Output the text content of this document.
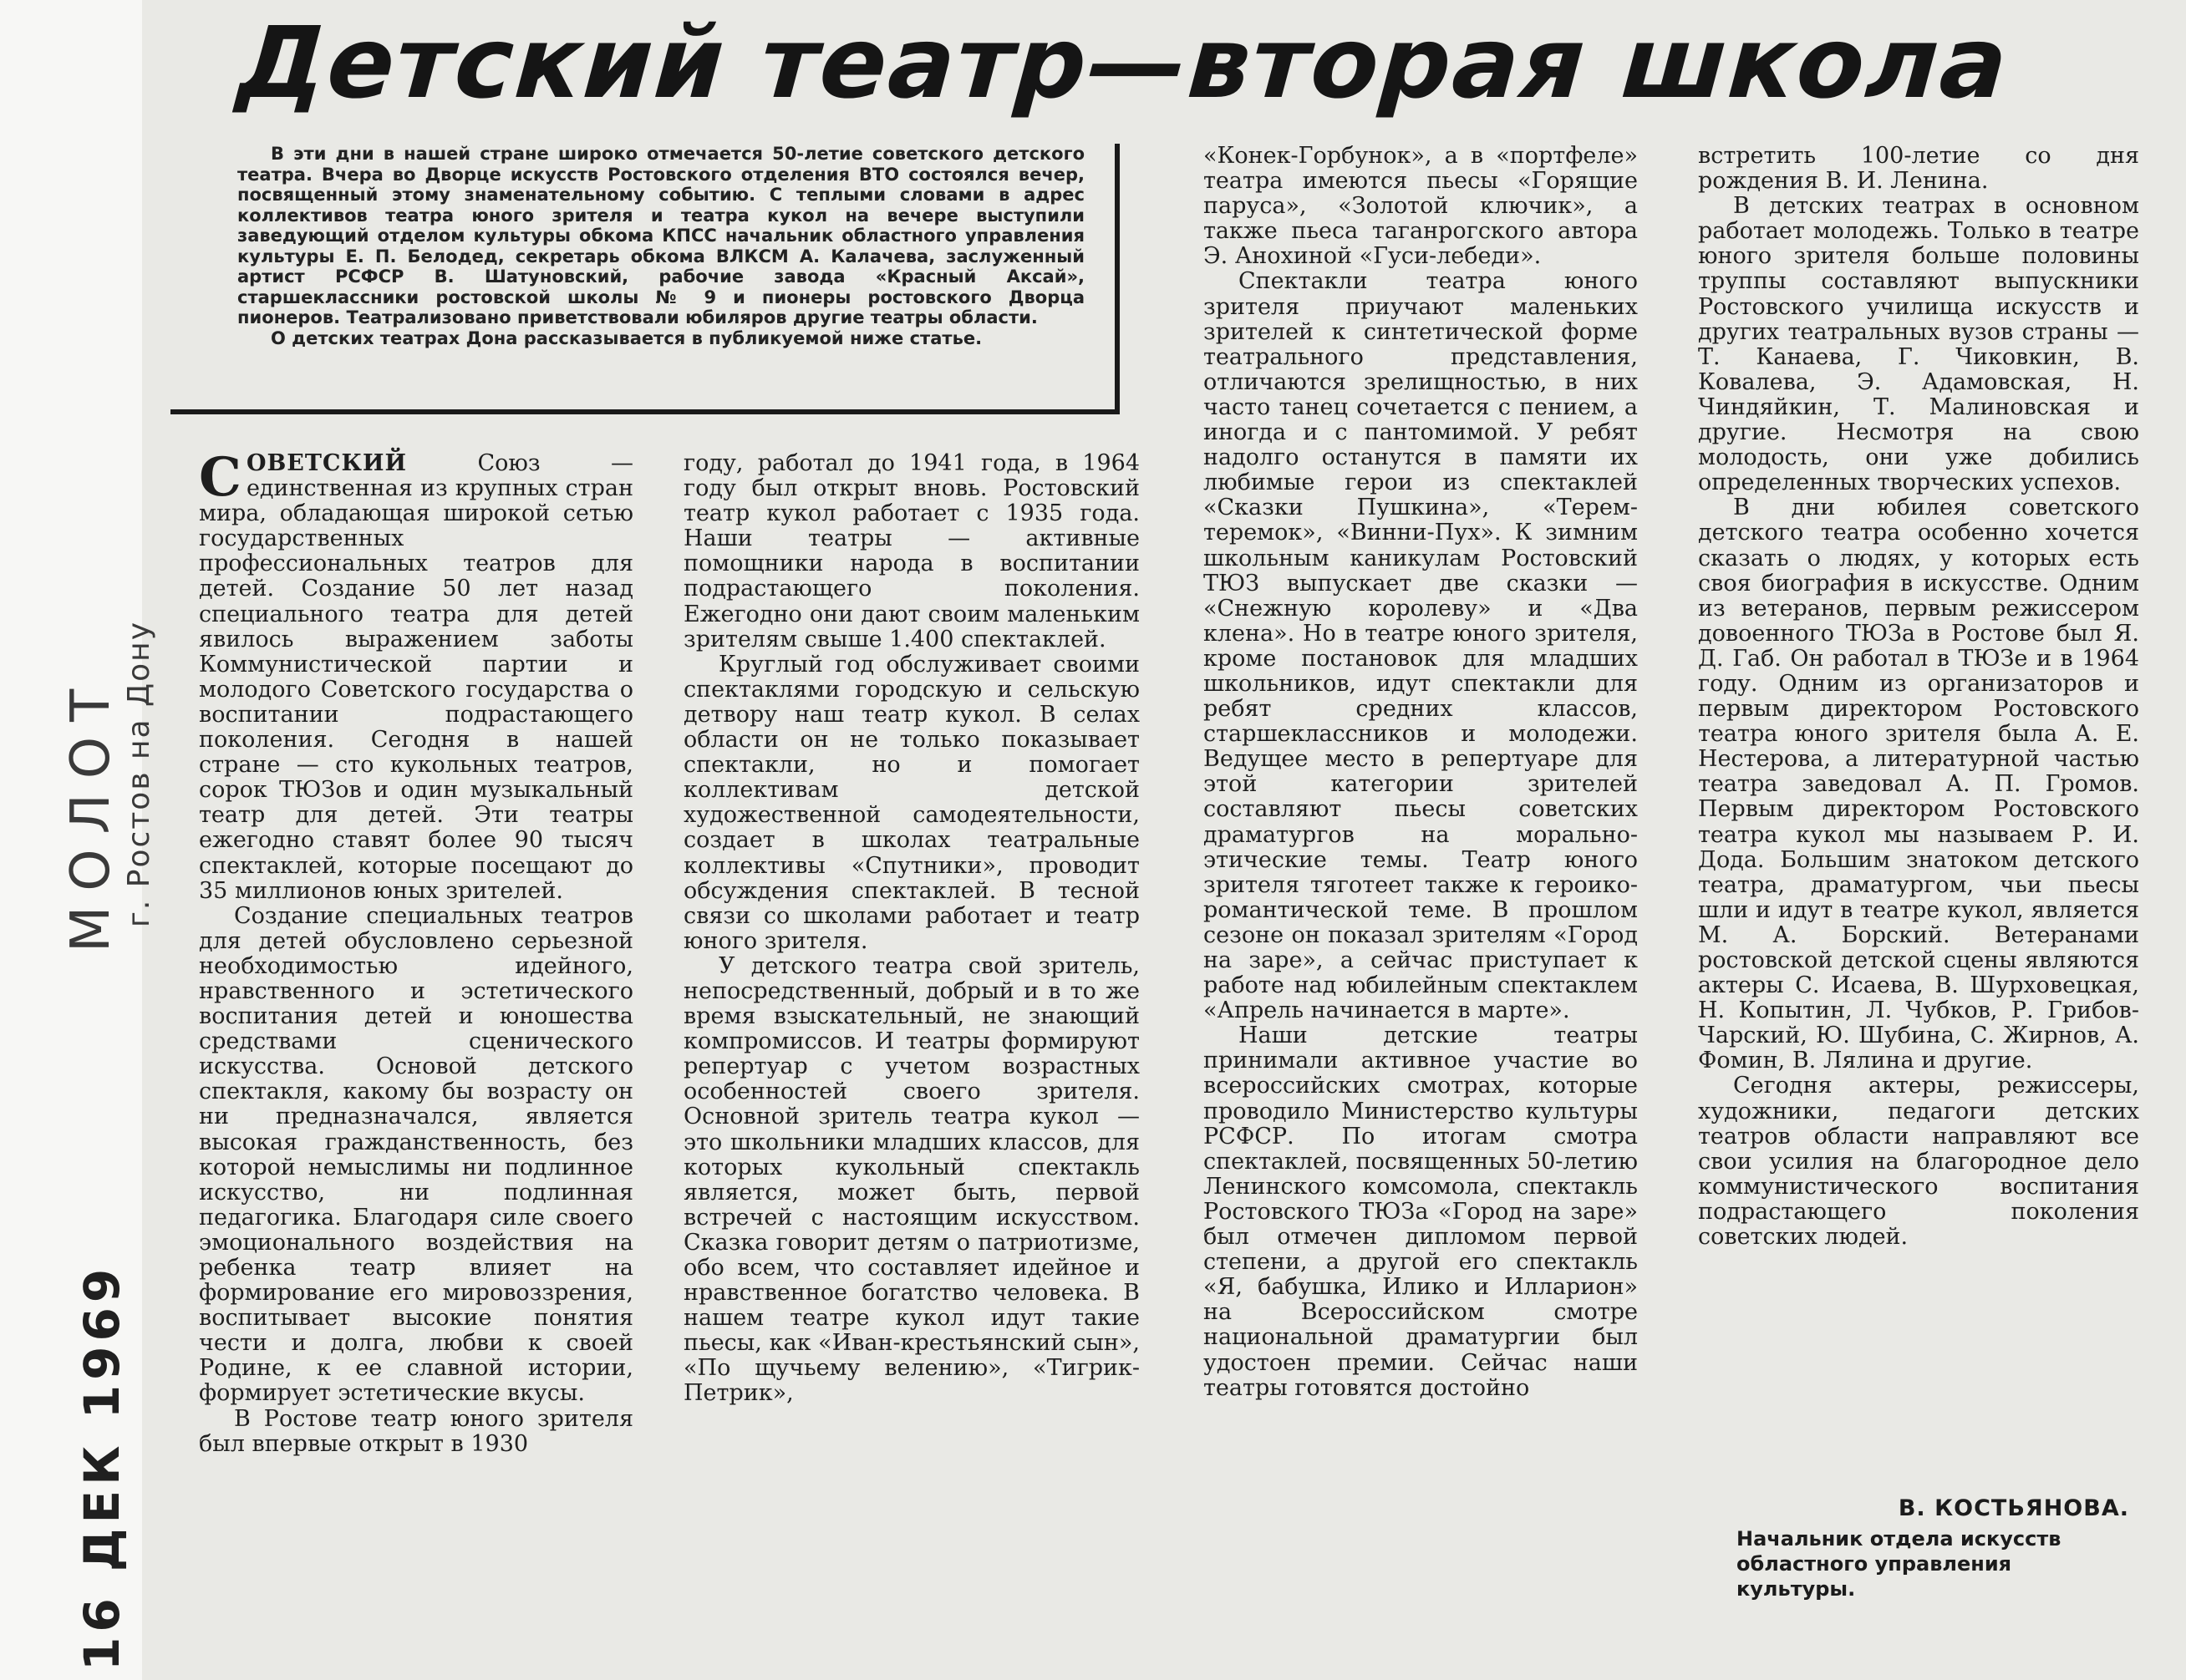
МОЛОТ г. Ростов на Дону
16 ДЕК 1969
Детский театр—вторая школа

В эти дни в нашей стране широко отмечается 50-летие советского детского театра. Вчера во Дворце искусств Ростовского отделения ВТО состоялся вечер, посвященный этому знаменательному событию. С теплыми словами в адрес коллективов театра юного зрителя и театра кукол на вечере выступили заведующий отделом культуры обкома КПСС начальник областного управления культуры Е. П. Белодед, секретарь обкома ВЛКСМ А. Калачева, заслуженный артист РСФСР В. Шатуновский, рабочие завода «Красный Аксай», старшеклассники ростовской школы № 9 и пионеры ростовского Дворца пионеров. Театрализовано приветствовали юбиляров другие театры области.

О детских театрах Дона рассказывается в публикуемой ниже статье.

СОВЕТСКИЙ Союз — единственная из крупных стран мира, обладающая широкой сетью государственных профессиональных театров для детей. Создание 50 лет назад специального театра для детей явилось выражением заботы Коммунистической партии и молодого Советского государства о воспитании подрастающего поколения. Сегодня в нашей стране — сто кукольных театров, сорок ТЮЗов и один музыкальный театр для детей. Эти театры ежегодно ставят более 90 тысяч спектаклей, которые посещают до 35 миллионов юных зрителей.

Создание специальных театров для детей обусловлено серьезной необходимостью идейного, нравственного и эстетического воспитания детей и юношества средствами сценического искусства. Основой детского спектакля, какому бы возрасту он ни предназначался, является высокая гражданственность, без которой немыслимы ни подлинное искусство, ни подлинная педагогика. Благодаря силе своего эмоционального воздействия на ребенка театр влияет на формирование его мировоззрения, воспитывает высокие понятия чести и долга, любви к своей Родине, к ее славной истории, формирует эстетические вкусы.

В Ростове театр юного зрителя был впервые открыт в 1930

году, работал до 1941 года, в 1964 году был открыт вновь. Ростовский театр кукол работает с 1935 года. Наши театры — активные помощники народа в воспитании подрастающего поколения. Ежегодно они дают своим маленьким зрителям свыше 1.400 спектаклей.

Круглый год обслуживает своими спектаклями городскую и сельскую детвору наш театр кукол. В селах области он не только показывает спектакли, но и помогает коллективам детской художественной самодеятельности, создает в школах театральные коллективы «Спутники», проводит обсуждения спектаклей. В тесной связи со школами работает и театр юного зрителя.

У детского театра свой зритель, непосредственный, добрый и в то же время взыскательный, не знающий компромиссов. И театры формируют репертуар с учетом возрастных особенностей своего зрителя. Основной зритель театра кукол — это школьники младших классов, для которых кукольный спектакль является, может быть, первой встречей с настоящим искусством. Сказка говорит детям о патриотизме, обо всем, что составляет идейное и нравственное богатство человека. В нашем театре кукол идут такие пьесы, как «Иван-крестьянский сын», «По щучьему велению», «Тигрик-Петрик»,

«Конек-Горбунок», а в «портфеле» театра имеются пьесы «Горящие паруса», «Золотой ключик», а также пьеса таганрогского автора Э. Анохиной «Гуси-лебеди».

Спектакли театра юного зрителя приучают маленьких зрителей к синтетической форме театрального представления, отличаются зрелищностью, в них часто танец сочетается с пением, а иногда и с пантомимой. У ребят надолго останутся в памяти их любимые герои из спектаклей «Сказки Пушкина», «Терем-теремок», «Винни-Пух». К зимним школьным каникулам Ростовский ТЮЗ выпускает две сказки — «Снежную королеву» и «Два клена». Но в театре юного зрителя, кроме постановок для младших школьников, идут спектакли для ребят средних классов, старшеклассников и молодежи. Ведущее место в репертуаре для этой категории зрителей составляют пьесы советских драматургов на морально-этические темы. Театр юного зрителя тяготеет также к героико-романтической теме. В прошлом сезоне он показал зрителям «Город на заре», а сейчас приступает к работе над юбилейным спектаклем «Апрель начинается в марте».

Наши детские театры принимали активное участие во всероссийских смотрах, которые проводило Министерство культуры РСФСР. По итогам смотра спектаклей, посвященных 50-летию Ленинского комсомола, спектакль Ростовского ТЮЗа «Город на заре» был отмечен дипломом первой степени, а другой его спектакль «Я, бабушка, Илико и Илларион» на Всероссийском смотре национальной драматургии был удостоен премии. Сейчас наши театры готовятся достойно

встретить 100-летие со дня рождения В. И. Ленина.

В детских театрах в основном работает молодежь. Только в театре юного зрителя больше половины труппы составляют выпускники Ростовского училища искусств и других театральных вузов страны — Т. Канаева, Г. Чиковкин, В. Ковалева, Э. Адамовская, Н. Чиндяйкин, Т. Малиновская и другие. Несмотря на свою молодость, они уже добились определенных творческих успехов.

В дни юбилея советского детского театра особенно хочется сказать о людях, у которых есть своя биография в искусстве. Одним из ветеранов, первым режиссером довоенного ТЮЗа в Ростове был Я. Д. Габ. Он работал в ТЮЗе и в 1964 году. Одним из организаторов и первым директором Ростовского театра юного зрителя была А. Е. Нестерова, а литературной частью театра заведовал А. П. Громов. Первым директором Ростовского театра кукол мы называем Р. И. Дода. Большим знатоком детского театра, драматургом, чьи пьесы шли и идут в театре кукол, является М. А. Борский. Ветеранами ростовской детской сцены являются актеры С. Исаева, В. Шурховецкая, Н. Копытин, Л. Чубков, Р. Грибов-Чарский, Ю. Шубина, С. Жирнов, А. Фомин, В. Лялина и другие.

Сегодня актеры, режиссеры, художники, педагоги детских театров области направляют все свои усилия на благородное дело коммунистического воспитания подрастающего поколения советских людей.

В. КОСТЬЯНОВА.
Начальник отдела искусств областного управления культуры.
